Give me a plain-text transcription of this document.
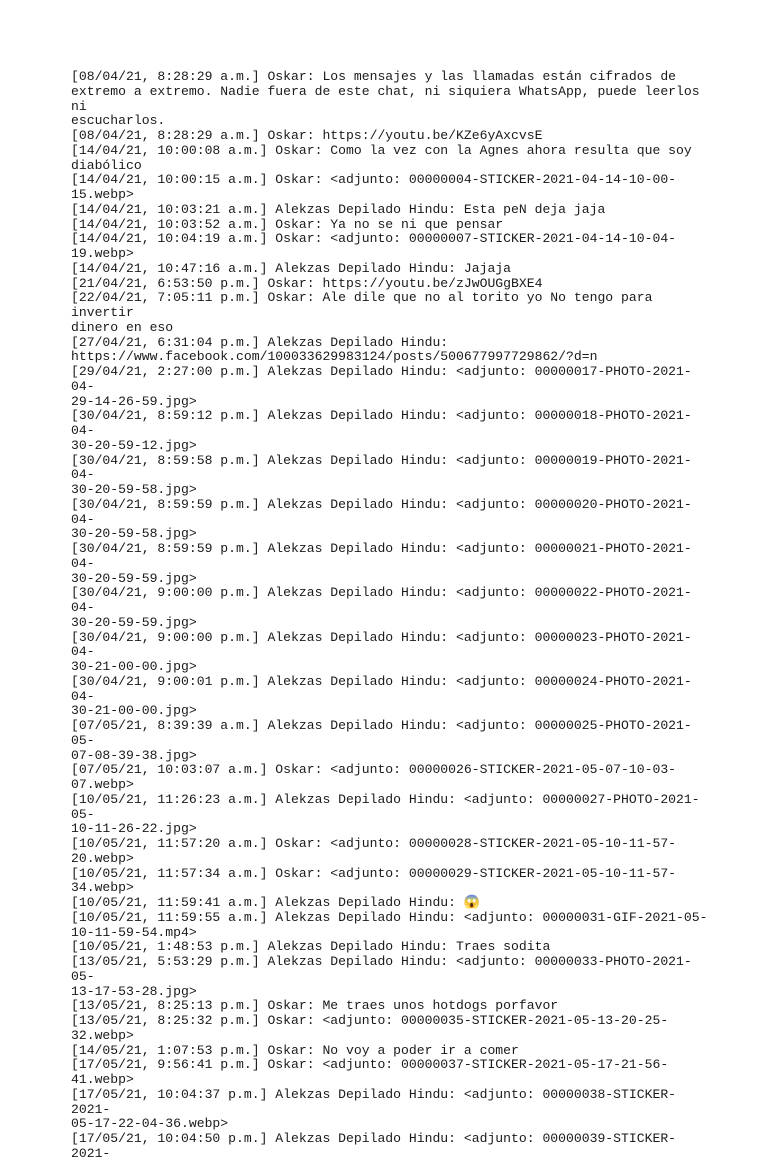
[08/04/21, 8:28:29 a.m.] Oskar: Los mensajes y las llamadas están cifrados de
extremo a extremo. Nadie fuera de este chat, ni siquiera WhatsApp, puede leerlos ni
escucharlos.

[08/04/21, 8:28:29 a.m.] Oskar: https://youtu.be/KZe6yAxcvsE

[14/04/21, 10:00:08 a.m.] Oskar: Como la vez con la Agnes ahora resulta que soy
diabólico

[14/04/21, 10:00:15 a.m.] Oskar: <adjunto: 00000004-STICKER-2021-04-14-10-00-
15.webp>

[14/04/21, 10:03:21 a.m.] Alekzas Depilado Hindu: Esta peN deja jaja

[14/04/21, 10:03:52 a.m.] Oskar: Ya no se ni que pensar

[14/04/21, 10:04:19 a.m.] Oskar: <adjunto: 00000007-STICKER-2021-04-14-10-04-
19.webp>

[14/04/21, 10:47:16 a.m.] Alekzas Depilado Hindu: Jajaja

[21/04/21, 6:53:50 p.m.] Oskar: https://youtu.be/zJwOUGgBXE4

[22/04/21, 7:05:11 p.m.] Oskar: Ale dile que no al torito yo No tengo para invertir
dinero en eso

[27/04/21, 6:31:04 p.m.] Alekzas Depilado Hindu:
https://www.facebook.com/100033629983124/posts/500677997729862/?d=n

[29/04/21, 2:27:00 p.m.] Alekzas Depilado Hindu: <adjunto: 00000017-PHOTO-2021-04-
29-14-26-59.jpg>

[30/04/21, 8:59:12 p.m.] Alekzas Depilado Hindu: <adjunto: 00000018-PHOTO-2021-04-
30-20-59-12.jpg>

[30/04/21, 8:59:58 p.m.] Alekzas Depilado Hindu: <adjunto: 00000019-PHOTO-2021-04-
30-20-59-58.jpg>

[30/04/21, 8:59:59 p.m.] Alekzas Depilado Hindu: <adjunto: 00000020-PHOTO-2021-04-
30-20-59-58.jpg>

[30/04/21, 8:59:59 p.m.] Alekzas Depilado Hindu: <adjunto: 00000021-PHOTO-2021-04-
30-20-59-59.jpg>

[30/04/21, 9:00:00 p.m.] Alekzas Depilado Hindu: <adjunto: 00000022-PHOTO-2021-04-
30-20-59-59.jpg>

[30/04/21, 9:00:00 p.m.] Alekzas Depilado Hindu: <adjunto: 00000023-PHOTO-2021-04-
30-21-00-00.jpg>

[30/04/21, 9:00:01 p.m.] Alekzas Depilado Hindu: <adjunto: 00000024-PHOTO-2021-04-
30-21-00-00.jpg>

[07/05/21, 8:39:39 a.m.] Alekzas Depilado Hindu: <adjunto: 00000025-PHOTO-2021-05-
07-08-39-38.jpg>

[07/05/21, 10:03:07 a.m.] Oskar: <adjunto: 00000026-STICKER-2021-05-07-10-03-
07.webp>

[10/05/21, 11:26:23 a.m.] Alekzas Depilado Hindu: <adjunto: 00000027-PHOTO-2021-05-
10-11-26-22.jpg>

[10/05/21, 11:57:20 a.m.] Oskar: <adjunto: 00000028-STICKER-2021-05-10-11-57-
20.webp>

[10/05/21, 11:57:34 a.m.] Oskar: <adjunto: 00000029-STICKER-2021-05-10-11-57-
34.webp>

[10/05/21, 11:59:41 a.m.] Alekzas Depilado Hindu: 😱

[10/05/21, 11:59:55 a.m.] Alekzas Depilado Hindu: <adjunto: 00000031-GIF-2021-05-
10-11-59-54.mp4>

[10/05/21, 1:48:53 p.m.] Alekzas Depilado Hindu: Traes sodita

[13/05/21, 5:53:29 p.m.] Alekzas Depilado Hindu: <adjunto: 00000033-PHOTO-2021-05-
13-17-53-28.jpg>

[13/05/21, 8:25:13 p.m.] Oskar: Me traes unos hotdogs porfavor

[13/05/21, 8:25:32 p.m.] Oskar: <adjunto: 00000035-STICKER-2021-05-13-20-25-
32.webp>

[14/05/21, 1:07:53 p.m.] Oskar: No voy a poder ir a comer

[17/05/21, 9:56:41 p.m.] Oskar: <adjunto: 00000037-STICKER-2021-05-17-21-56-
41.webp>

[17/05/21, 10:04:37 p.m.] Alekzas Depilado Hindu: <adjunto: 00000038-STICKER-2021-
05-17-22-04-36.webp>

[17/05/21, 10:04:50 p.m.] Alekzas Depilado Hindu: <adjunto: 00000039-STICKER-2021-
